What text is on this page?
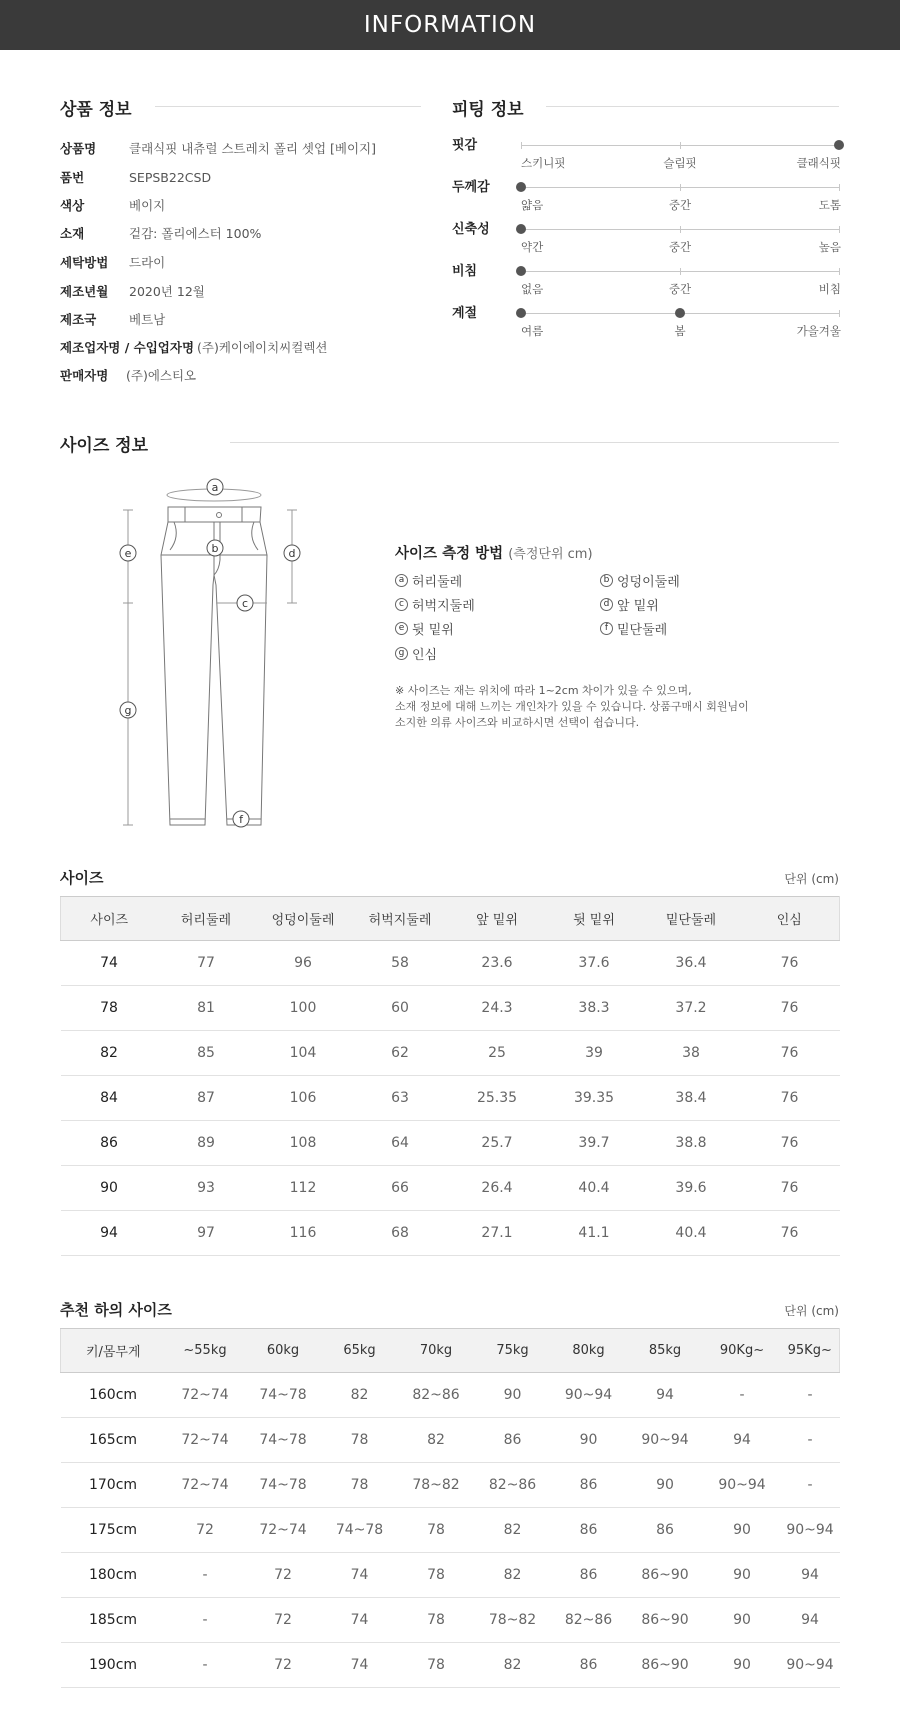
INFORMATION
상품 정보
상품명	클래식핏 내츄럴 스트레치 폴리 셋업 [베이지]
품번	SEPSB22CSD
색상	베이지
소재	겉감: 폴리에스터 100%
세탁방법 드라이
제조년월 2020년 12월
제조국	베트남
제조업자명 / 수입업자명 (주)케이에이치씨컬렉션
판매자명 (주)에스티오
피팅 정보
핏감
스키니핏	슬림핏	클래식핏
두께감
얇음	중간	도톰
신축성
약간	중간	높음
비침
없음	중간	비침
계절
여름	봄	가을겨울
사이즈 정보
a
b
c
d
e
f
g
사이즈 측정 방법 (측정단위 cm)
a 허리둘레	b 엉덩이둘레
c 허벅지둘레	d 앞 밑위
e 뒷 밑위	f 밑단둘레
g 인심
※ 사이즈는 재는 위치에 따라 1~2cm 차이가 있을 수 있으며,
소재 정보에 대해 느끼는 개인차가 있을 수 있습니다. 상품구매시 회원님이
소지한 의류 사이즈와 비교하시면 선택이 쉽습니다.
사이즈	단위 (cm)
사이즈	허리둘레	엉덩이둘레	허벅지둘레	앞 밑위	뒷 밑위	밑단둘레	인심
74	77	96	58	23.6	37.6	36.4	76
78	81	100	60	24.3	38.3	37.2	76
82	85	104	62	25	39	38	76
84	87	106	63	25.35	39.35	38.4	76
86	89	108	64	25.7	39.7	38.8	76
90	93	112	66	26.4	40.4	39.6	76
94	97	116	68	27.1	41.1	40.4	76
추천 하의 사이즈	단위 (cm)
키/몸무게	~55kg	60kg	65kg	70kg	75kg	80kg	85kg	90Kg~	95Kg~
160cm	72~74	74~78	82	82~86	90	90~94	94	-	-
165cm	72~74	74~78	78	82	86	90	90~94	94	-
170cm	72~74	74~78	78	78~82	82~86	86	90	90~94	-
175cm	72	72~74	74~78	78	82	86	86	90	90~94
180cm	-	72	74	78	82	86	86~90	90	94
185cm	-	72	74	78	78~82	82~86	86~90	90	94
190cm	-	72	74	78	82	86	86~90	90	90~94
